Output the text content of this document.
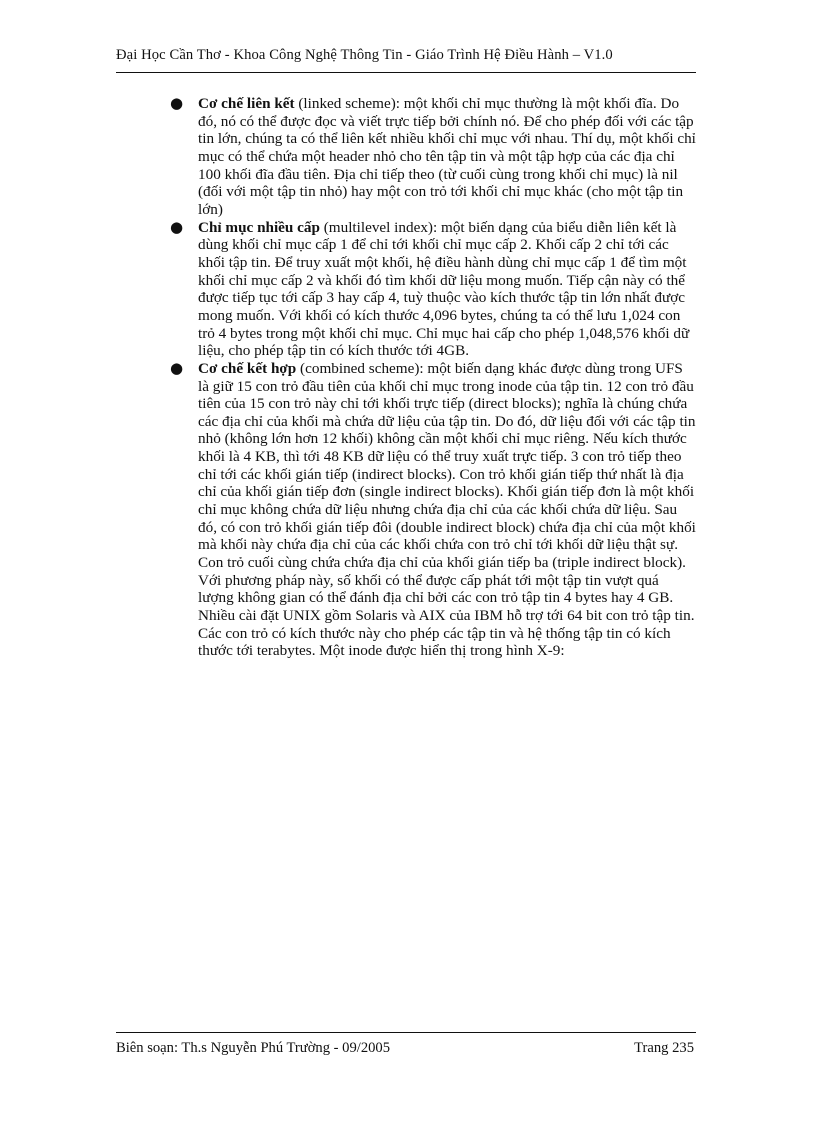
Đại Học Cần Thơ - Khoa Công Nghệ Thông Tin - Giáo Trình Hệ Điều Hành – V1.0
● Cơ chế liên kết (linked scheme): một khối chỉ mục thường là một khối đĩa. Do đó, nó có thể được đọc và viết trực tiếp bởi chính nó. Để cho phép đối với các tập tin lớn, chúng ta có thể liên kết nhiều khối chỉ mục với nhau. Thí dụ, một khối chỉ mục có thể chứa một header nhỏ cho tên tập tin và một tập hợp của các địa chỉ 100 khối đĩa đầu tiên. Địa chỉ tiếp theo (từ cuối cùng trong khối chỉ mục) là nil (đối với một tập tin nhỏ) hay một con trỏ tới khối chỉ mục khác (cho một tập tin lớn)
● Chỉ mục nhiều cấp (multilevel index): một biến dạng của biểu diễn liên kết là dùng khối chỉ mục cấp 1 để chỉ tới khối chỉ mục cấp 2. Khối cấp 2 chỉ tới các khối tập tin. Để truy xuất một khối, hệ điều hành dùng chỉ mục cấp 1 để tìm một khối chỉ mục cấp 2 và khối đó tìm khối dữ liệu mong muốn. Tiếp cận này có thể được tiếp tục tới cấp 3 hay cấp 4, tuỳ thuộc vào kích thước tập tin lớn nhất được mong muốn. Với khối có kích thước 4,096 bytes, chúng ta có thể lưu 1,024 con trỏ 4 bytes trong một khối chỉ mục. Chỉ mục hai cấp cho phép 1,048,576 khối dữ liệu, cho phép tập tin có kích thước tới 4GB.
● Cơ chế kết hợp (combined scheme): một biến dạng khác được dùng trong UFS là giữ 15 con trỏ đầu tiên của khối chỉ mục trong inode của tập tin. 12 con trỏ đầu tiên của 15 con trỏ này chỉ tới khối trực tiếp (direct blocks); nghĩa là chúng chứa các địa chỉ của khối mà chứa dữ liệu của tập tin. Do đó, dữ liệu đối với các tập tin nhỏ (không lớn hơn 12 khối) không cần một khối chỉ mục riêng. Nếu kích thước khối là 4 KB, thì tới 48 KB dữ liệu có thể truy xuất trực tiếp. 3 con trỏ tiếp theo chỉ tới các khối gián tiếp (indirect blocks). Con trỏ khối gián tiếp thứ nhất là địa chỉ của khối gián tiếp đơn (single indirect blocks). Khối gián tiếp đơn là một khối chỉ mục không chứa dữ liệu nhưng chứa địa chỉ của các khối chứa dữ liệu. Sau đó, có con trỏ khối gián tiếp đôi (double indirect block) chứa địa chỉ của một khối mà khối này chứa địa chỉ của các khối chứa con trỏ chỉ tới khối dữ liệu thật sự. Con trỏ cuối cùng chứa chứa địa chỉ của khối gián tiếp ba (triple indirect block). Với phương pháp này, số khối có thể được cấp phát tới một tập tin vượt quá lượng không gian có thể đánh địa chỉ bởi các con trỏ tập tin 4 bytes hay 4 GB. Nhiều cài đặt UNIX gồm Solaris và AIX của IBM hỗ trợ tới 64 bit con trỏ tập tin. Các con trỏ có kích thước này cho phép các tập tin và hệ thống tập tin có kích thước tới terabytes. Một inode được hiển thị trong hình X-9:
Biên soạn: Th.s Nguyễn Phú Trường - 09/2005	Trang 235
